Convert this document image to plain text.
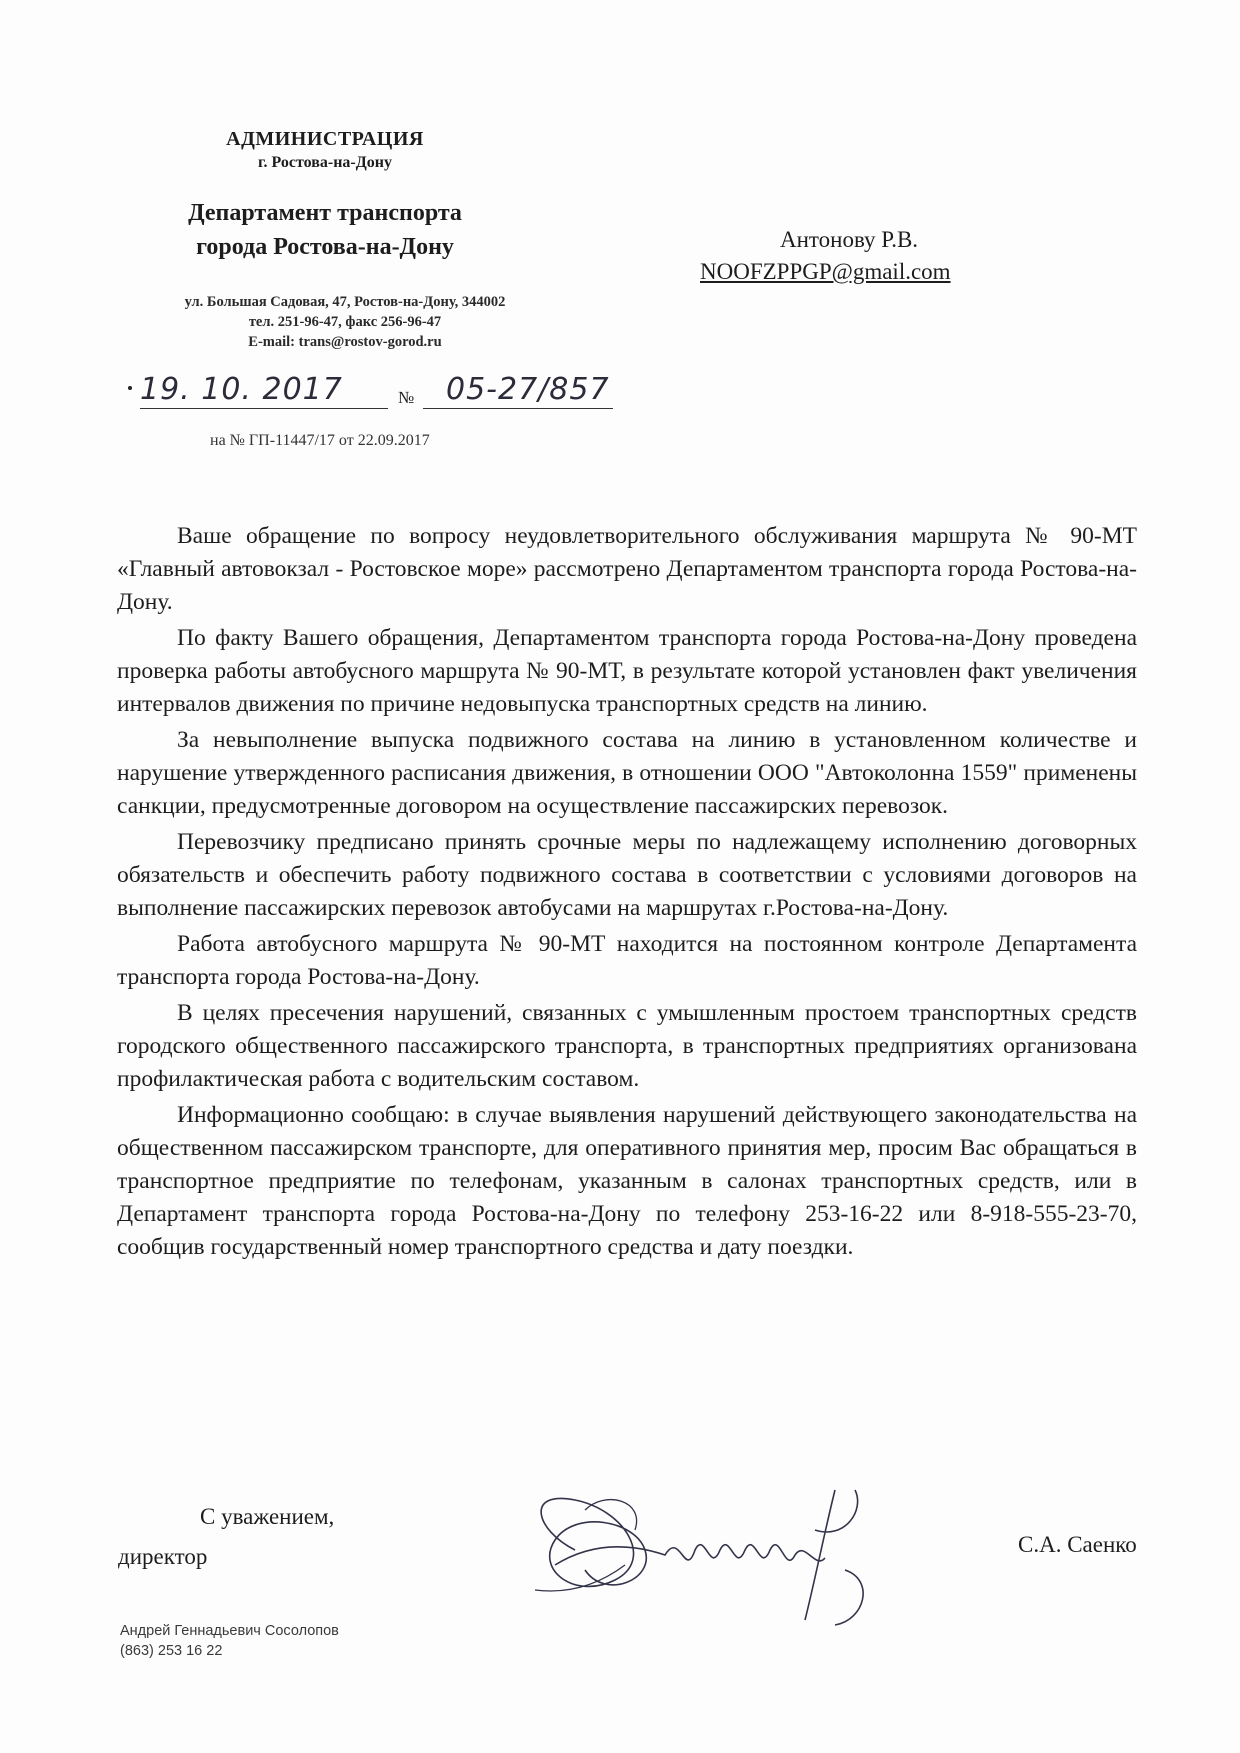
АДМИНИСТРАЦИЯ
г. Ростова-на-Дону
Департамент транспорта
города Ростова-на-Дону
ул. Большая Садовая, 47, Ростов-на-Дону, 344002
тел. 251-96-47, факс 256-96-47
E-mail: trans@rostov-gorod.ru
19. 10. 2017	№ 05-27/857
на № ГП-11447/17 от 22.09.2017
Антонову Р.В.
NOOFZPPGP@gmail.com

Ваше обращение по вопросу неудовлетворительного обслуживания маршрута № 90-МТ «Главный автовокзал - Ростовское море» рассмотрено Департаментом транспорта города Ростова-на-Дону.

По факту Вашего обращения, Департаментом транспорта города Ростова-на-Дону проведена проверка работы автобусного маршрута № 90-МТ, в результате которой установлен факт увеличения интервалов движения по причине недовыпуска транспортных средств на линию.

За невыполнение выпуска подвижного состава на линию в установленном количестве и нарушение утвержденного расписания движения, в отношении ООО "Автоколонна 1559" применены санкции, предусмотренные договором на осуществление пассажирских перевозок.

Перевозчику предписано принять срочные меры по надлежащему исполнению договорных обязательств и обеспечить работу подвижного состава в соответствии с условиями договоров на выполнение пассажирских перевозок автобусами на маршрутах г.Ростова-на-Дону.

Работа автобусного маршрута № 90-МТ находится на постоянном контроле Департамента транспорта города Ростова-на-Дону.

В целях пресечения нарушений, связанных с умышленным простоем транспортных средств городского общественного пассажирского транспорта, в транспортных предприятиях организована профилактическая работа с водительским составом.

Информационно сообщаю: в случае выявления нарушений действующего законодательства на общественном пассажирском транспорте, для оперативного принятия мер, просим Вас обращаться в транспортное предприятие по телефонам, указанным в салонах транспортных средств, или в Департамент транспорта города Ростова-на-Дону по телефону 253-16-22 или 8-918-555-23-70, сообщив государственный номер транспортного средства и дату поездки.

С уважением,
директор	С.А. Саенко
Андрей Геннадьевич Сосолопов
(863) 253 16 22
